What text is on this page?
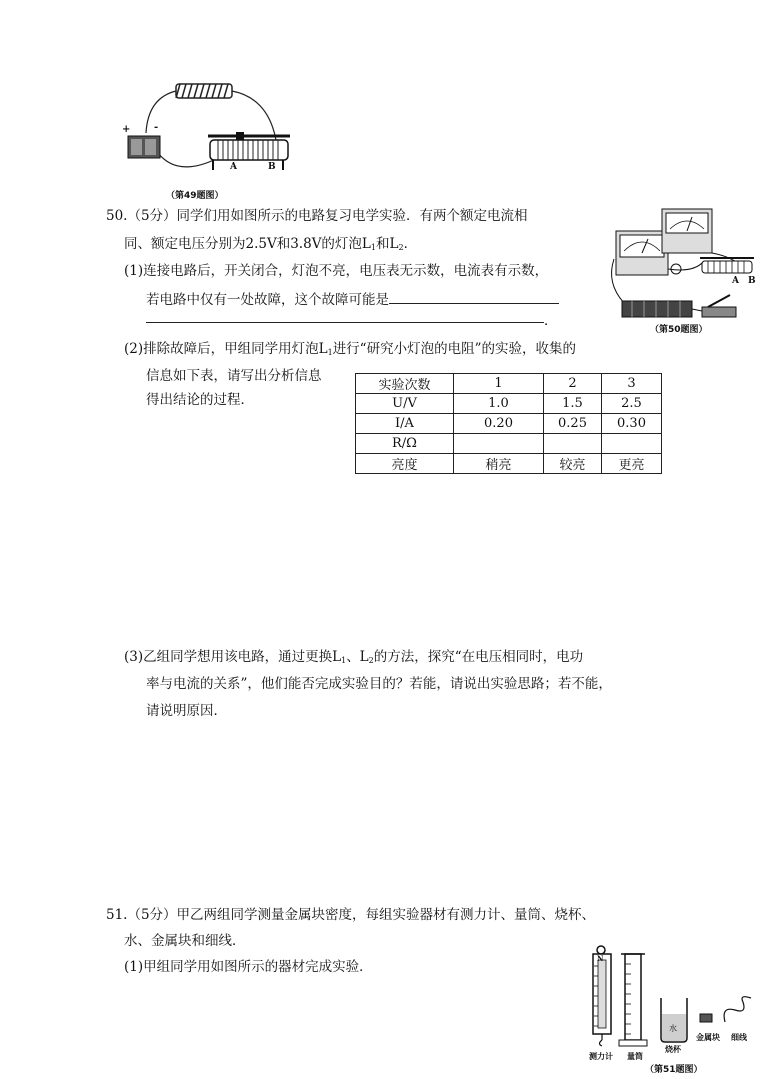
+ -
A	B
（第49题图）
50.（5分）同学们用如图所示的电路复习电学实验．有两个额定电流相
同、额定电压分别为2.5V和3.8V的灯泡$L_1$和$L_2$．
(1)连接电路后，开关闭合，灯泡不亮，电压表无示数，电流表有示数，
若电路中仅有一处故障，这个故障可能是
．
(2)排除故障后，甲组同学用灯泡$L_1$进行“研究小灯泡的电阻”的实验，收集的
信息如下表，请写出分析信息
得出结论的过程．
实验次数	1	2	3
U/V	1.0	1.5	2.5
I/A	0.20	0.25	0.30
R/Ω			
亮度	稍亮	较亮	更亮
A B
（第50题图）
(3)乙组同学想用该电路，通过更换$L_1$、$L_2$的方法，探究“在电压相同时，电功
率与电流的关系”，他们能否完成实验目的？若能，请说出实验思路；若不能，
请说明原因．
51.（5分）甲乙两组同学测量金属块密度，每组实验器材有测力计、量筒、烧杯、
水、金属块和细线．
(1)甲组同学用如图所示的器材完成实验．
N
水
金属块 细线
测力计 量筒
烧杯
（第51题图）
